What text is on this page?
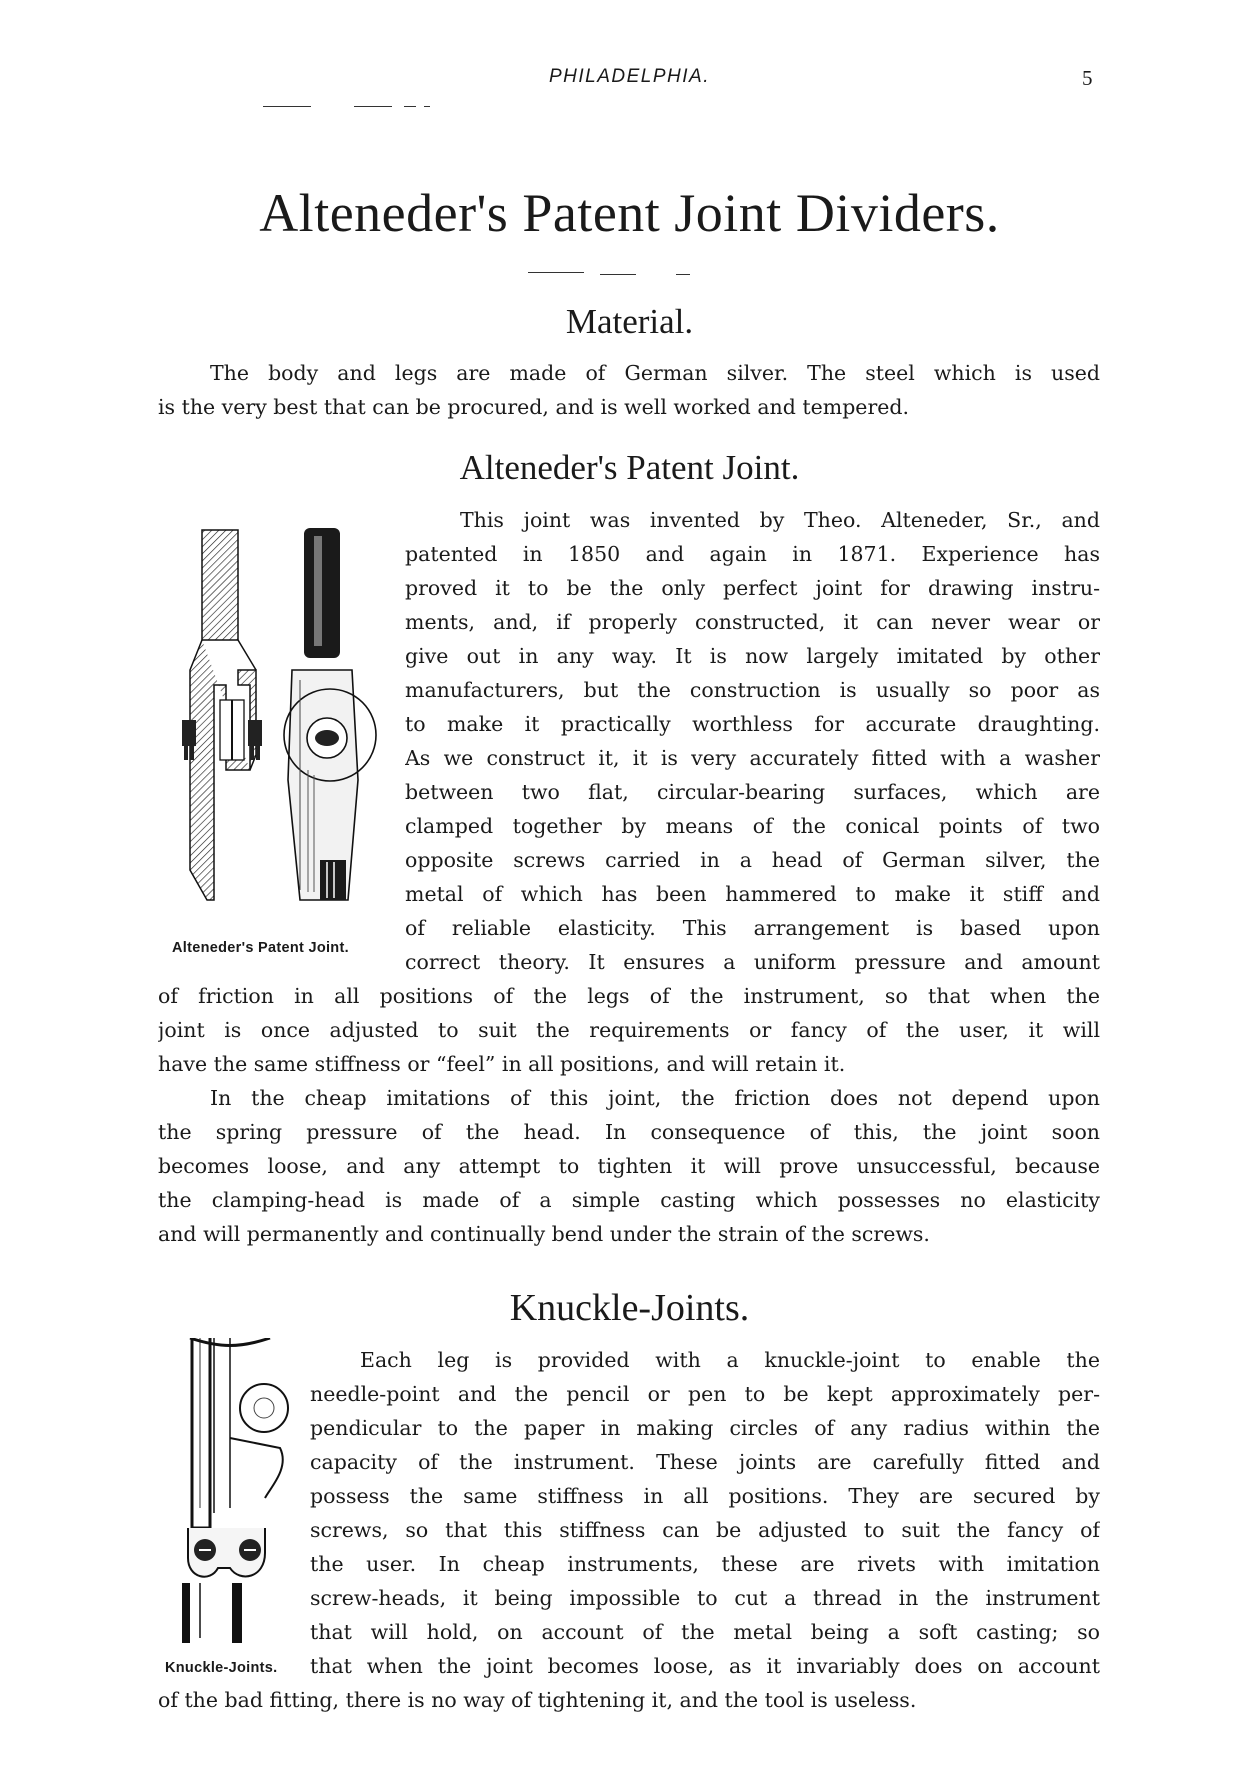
PHILADELPHIA.	5
Alteneder's Patent Joint Dividers.
Material.

The body and legs are made of German silver. The steel which is used

is the very best that can be procured, and is well worked and tempered.

Alteneder's Patent Joint.
Alteneder's Patent Joint.

This joint was invented by Theo. Alteneder, Sr., and

patented in 1850 and again in 1871. Experience has

proved it to be the only perfect joint for drawing instru-

ments, and, if properly constructed, it can never wear or

give out in any way. It is now largely imitated by other

manufacturers, but the construction is usually so poor as

to make it practically worthless for accurate draughting.

As we construct it, it is very accurately fitted with a washer

between two flat, circular-bearing surfaces, which are

clamped together by means of the conical points of two

opposite screws carried in a head of German silver, the

metal of which has been hammered to make it stiff and

of reliable elasticity. This arrangement is based upon

correct theory. It ensures a uniform pressure and amount

of friction in all positions of the legs of the instrument, so that when the

joint is once adjusted to suit the requirements or fancy of the user, it will

have the same stiffness or “feel” in all positions, and will retain it.

In the cheap imitations of this joint, the friction does not depend upon

the spring pressure of the head. In consequence of this, the joint soon

becomes loose, and any attempt to tighten it will prove unsuccessful, because

the clamping-head is made of a simple casting which possesses no elasticity

and will permanently and continually bend under the strain of the screws.

Knuckle-Joints.
Knuckle-Joints.

Each leg is provided with a knuckle-joint to enable the

needle-point and the pencil or pen to be kept approximately per-

pendicular to the paper in making circles of any radius within the

capacity of the instrument. These joints are carefully fitted and

possess the same stiffness in all positions. They are secured by

screws, so that this stiffness can be adjusted to suit the fancy of

the user. In cheap instruments, these are rivets with imitation

screw-heads, it being impossible to cut a thread in the instrument

that will hold, on account of the metal being a soft casting; so

that when the joint becomes loose, as it invariably does on account

of the bad fitting, there is no way of tightening it, and the tool is useless.
